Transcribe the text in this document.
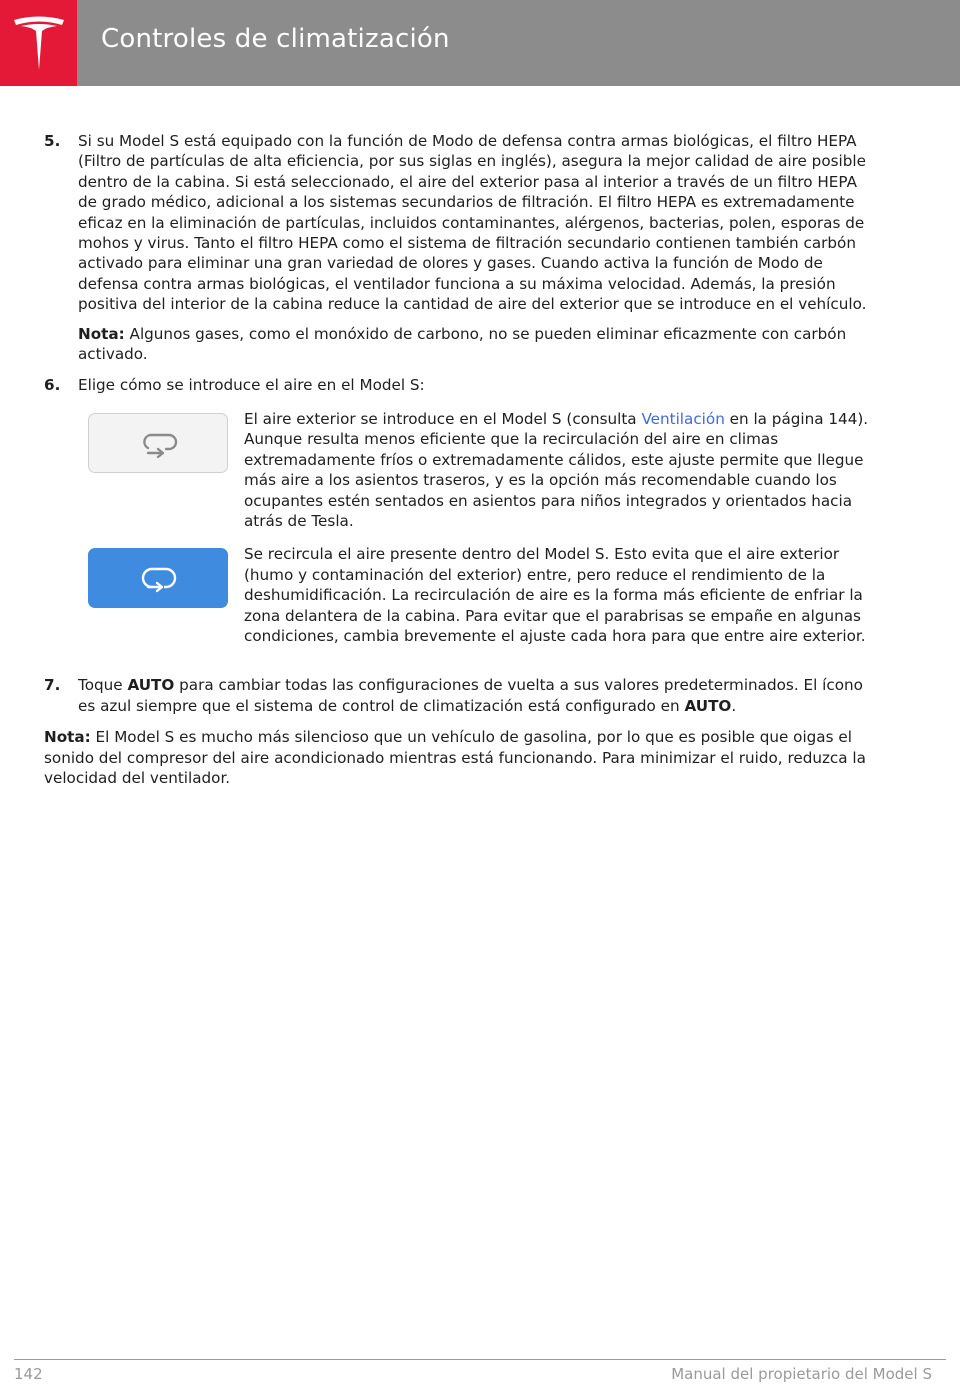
Controles de climatización
5. Si su Model S está equipado con la función de Modo de defensa contra armas biológicas, el filtro HEPA (Filtro de partículas de alta eficiencia, por sus siglas en inglés), asegura la mejor calidad de aire posible dentro de la cabina. Si está seleccionado, el aire del exterior pasa al interior a través de un filtro HEPA de grado médico, adicional a los sistemas secundarios de filtración. El filtro HEPA es extremadamente eficaz en la eliminación de partículas, incluidos contaminantes, alérgenos, bacterias, polen, esporas de mohos y virus. Tanto el filtro HEPA como el sistema de filtración secundario contienen también carbón activado para eliminar una gran variedad de olores y gases. Cuando activa la función de Modo de defensa contra armas biológicas, el ventilador funciona a su máxima velocidad. Además, la presión positiva del interior de la cabina reduce la cantidad de aire del exterior que se introduce en el vehículo.

Nota: Algunos gases, como el monóxido de carbono, no se pueden eliminar eficazmente con carbón activado.

6. Elige cómo se introduce el aire en el Model S:

El aire exterior se introduce en el Model S (consulta Ventilación en la página 144). Aunque resulta menos eficiente que la recirculación del aire en climas extremadamente fríos o extremadamente cálidos, este ajuste permite que llegue más aire a los asientos traseros, y es la opción más recomendable cuando los ocupantes estén sentados en asientos para niños integrados y orientados hacia atrás de Tesla.

Se recircula el aire presente dentro del Model S. Esto evita que el aire exterior (humo y contaminación del exterior) entre, pero reduce el rendimiento de la deshumidificación. La recirculación de aire es la forma más eficiente de enfriar la zona delantera de la cabina. Para evitar que el parabrisas se empañe en algunas condiciones, cambia brevemente el ajuste cada hora para que entre aire exterior.

7. Toque AUTO para cambiar todas las configuraciones de vuelta a sus valores predeterminados. El ícono es azul siempre que el sistema de control de climatización está configurado en AUTO.

Nota: El Model S es mucho más silencioso que un vehículo de gasolina, por lo que es posible que oigas el sonido del compresor del aire acondicionado mientras está funcionando. Para minimizar el ruido, reduzca la velocidad del ventilador.

142	Manual del propietario del Model S
